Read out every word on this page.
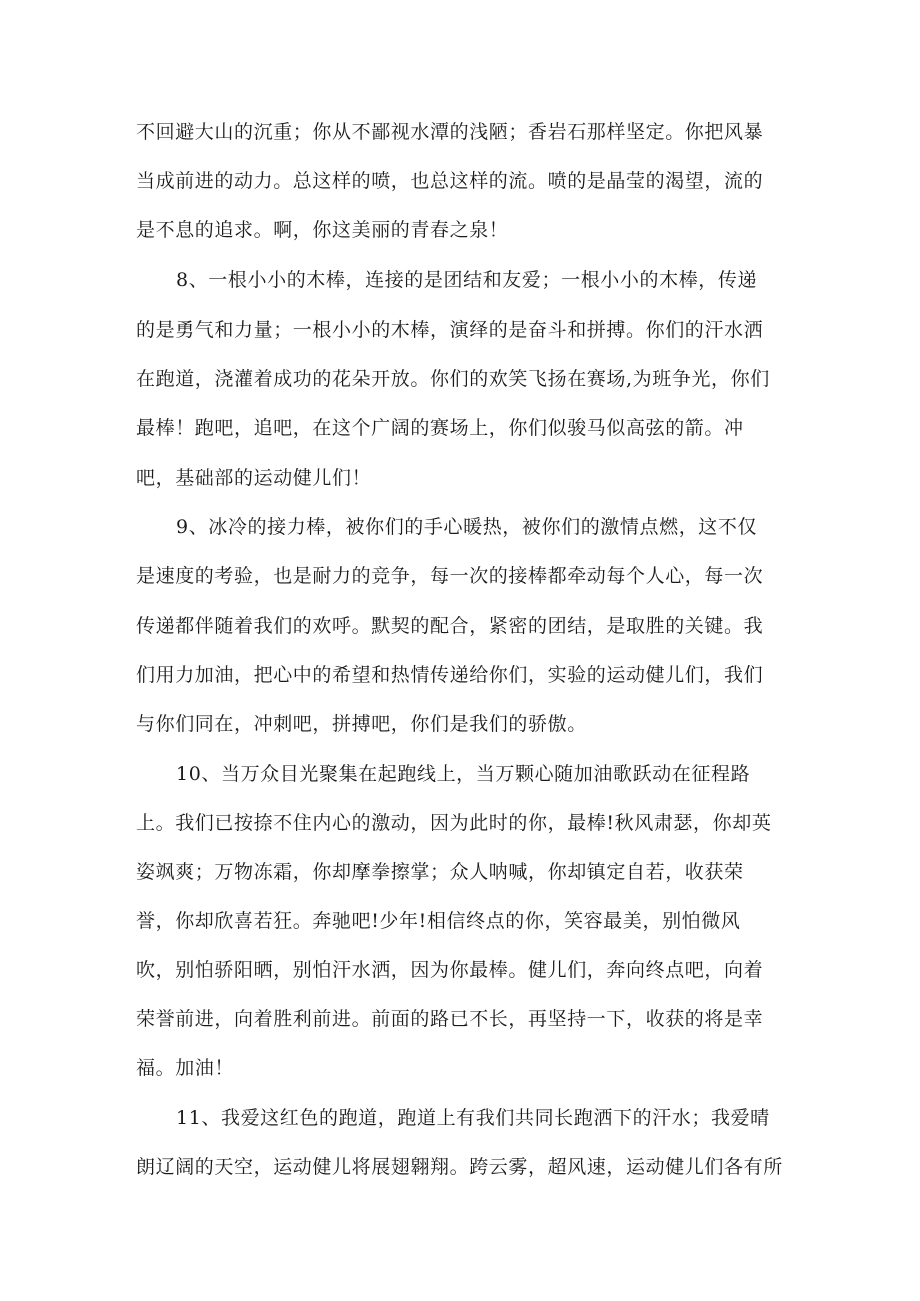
不回避大山的沉重；你从不鄙视水潭的浅陋；香岩石那样坚定。你把风暴
当成前进的动力。总这样的喷，也总这样的流。喷的是晶莹的渴望，流的
是不息的追求。啊，你这美丽的青春之泉！
8、一根小小的木棒，连接的是团结和友爱；一根小小的木棒，传递
的是勇气和力量；一根小小的木棒，演绎的是奋斗和拼搏。你们的汗水洒
在跑道，浇灌着成功的花朵开放。你们的欢笑飞扬在赛场,为班争光，你们
最棒！跑吧，追吧，在这个广阔的赛场上，你们似骏马似高弦的箭。冲
吧，基础部的运动健儿们！
9、冰冷的接力棒，被你们的手心暖热，被你们的激情点燃，这不仅
是速度的考验，也是耐力的竞争，每一次的接棒都牵动每个人心，每一次
传递都伴随着我们的欢呼。默契的配合，紧密的团结，是取胜的关键。我
们用力加油，把心中的希望和热情传递给你们，实验的运动健儿们，我们
与你们同在，冲刺吧，拼搏吧，你们是我们的骄傲。
10、当万众目光聚集在起跑线上，当万颗心随加油歌跃动在征程路
上。我们已按捺不住内心的激动，因为此时的你，最棒!秋风肃瑟，你却英
姿飒爽；万物冻霜，你却摩拳擦掌；众人呐喊，你却镇定自若，收获荣
誉，你却欣喜若狂。奔驰吧!少年!相信终点的你，笑容最美，别怕微风
吹，别怕骄阳晒，别怕汗水洒，因为你最棒。健儿们，奔向终点吧，向着
荣誉前进，向着胜利前进。前面的路已不长，再坚持一下，收获的将是幸
福。加油！
11、我爱这红色的跑道，跑道上有我们共同长跑洒下的汗水；我爱晴
朗辽阔的天空，运动健儿将展翅翱翔。跨云雾，超风速，运动健儿们各有所
